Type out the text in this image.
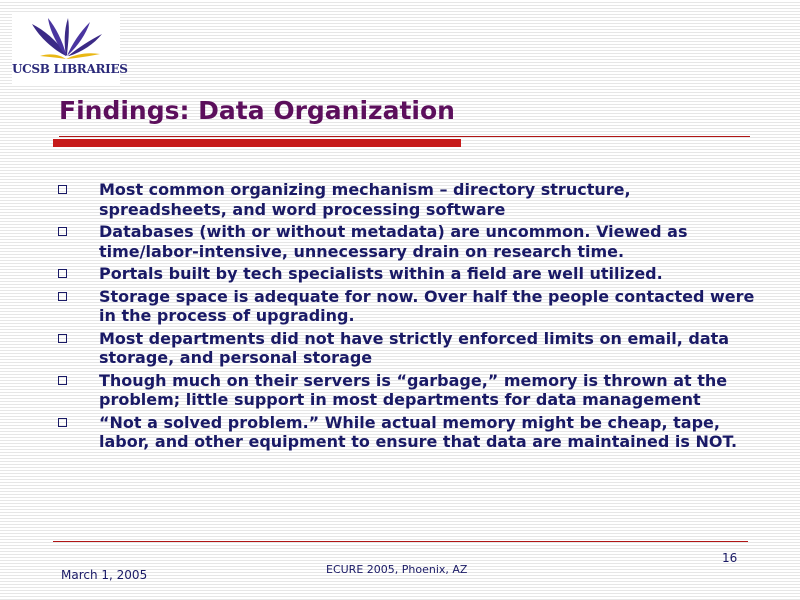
UCSB LIBRARIES
Findings: Data Organization
Most common organizing mechanism – directory structure, spreadsheets, and word processing software
Databases (with or without metadata) are uncommon. Viewed as time/labor-intensive, unnecessary drain on research time.
Portals built by tech specialists within a field are well utilized.
Storage space is adequate for now. Over half the people contacted were in the process of upgrading.
Most departments did not have strictly enforced limits on email, data storage, and personal storage
Though much on their servers is “garbage,” memory is thrown at the problem; little support in most departments for data management
“Not a solved problem.” While actual memory might be cheap, tape, labor, and other equipment to ensure that data are maintained is NOT.
March 1, 2005	ECURE 2005, Phoenix, AZ
16
